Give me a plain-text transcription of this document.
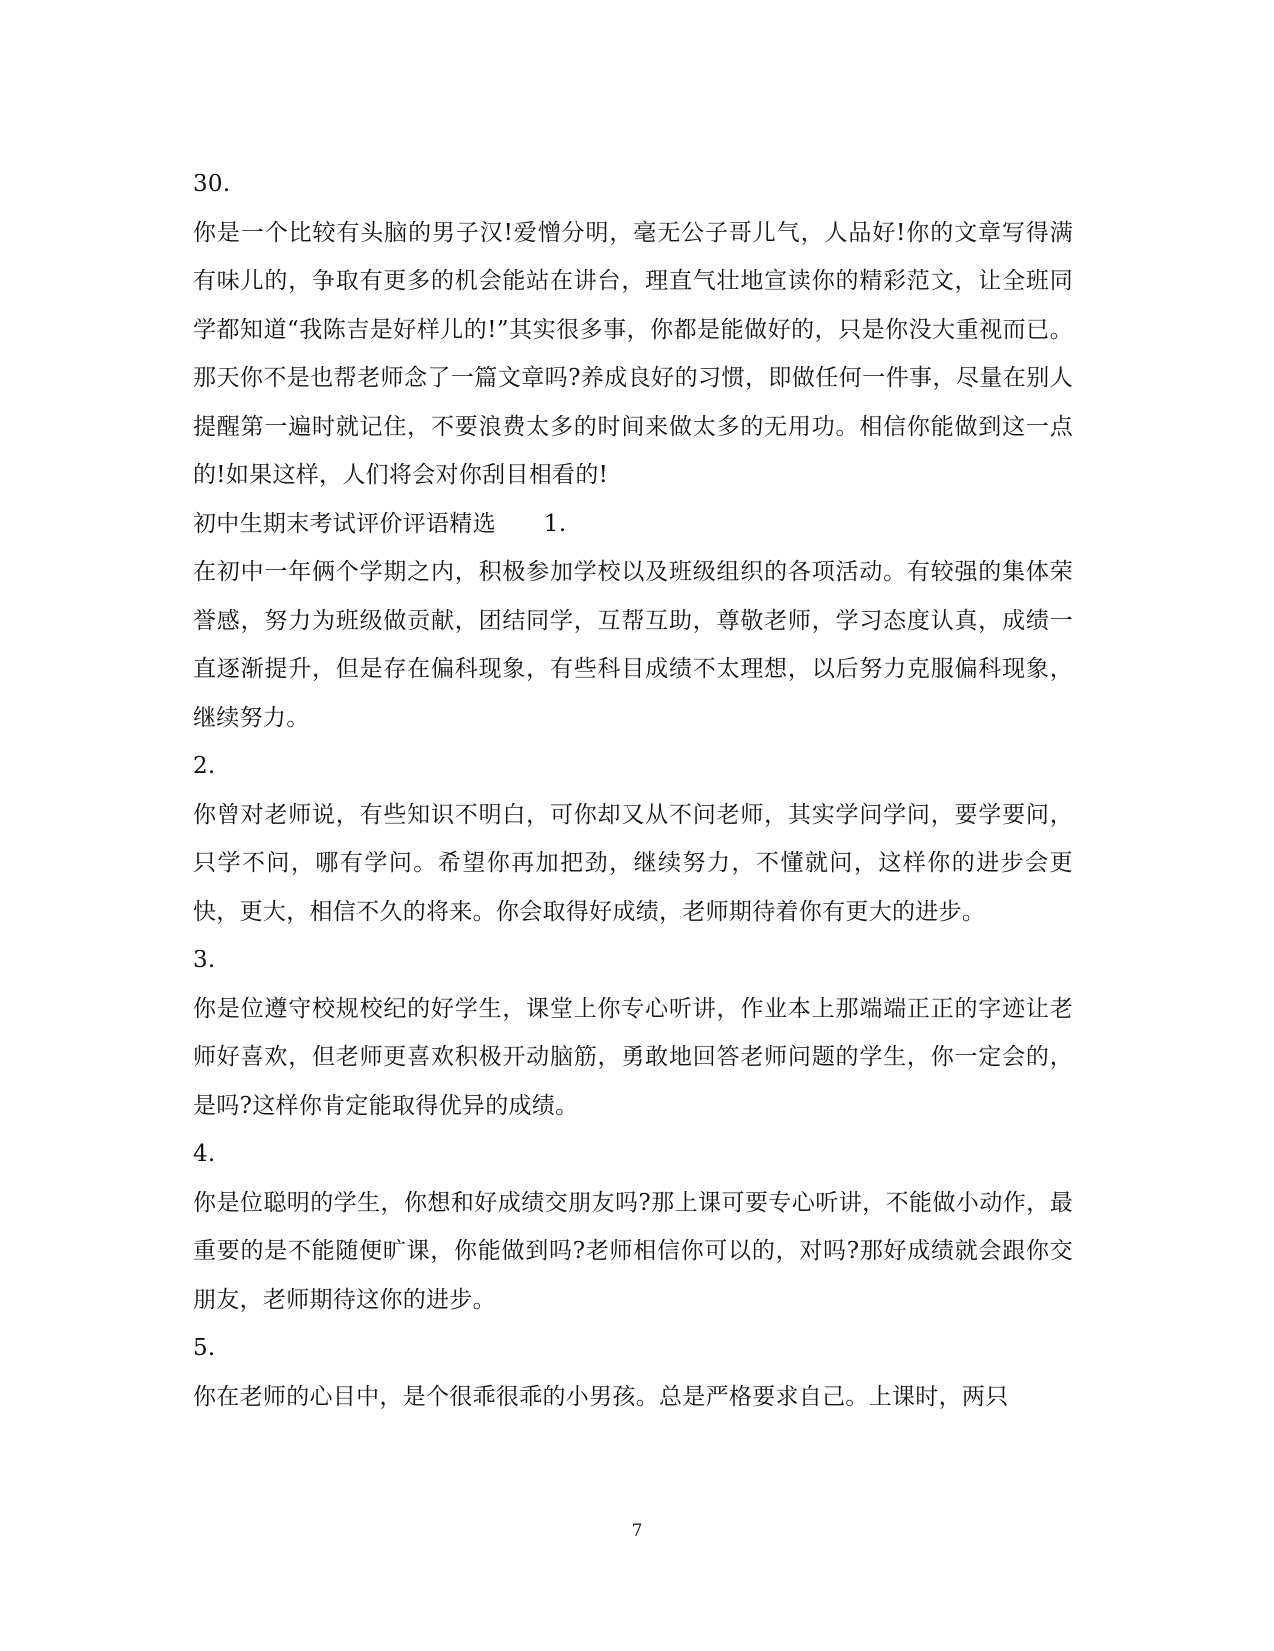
30.

你是一个比较有头脑的男子汉!爱憎分明，毫无公子哥儿气，人品好!你的文章写得满有味儿的，争取有更多的机会能站在讲台，理直气壮地宣读你的精彩范文，让全班同学都知道“我陈吉是好样儿的!”其实很多事，你都是能做好的，只是你没大重视而已。那天你不是也帮老师念了一篇文章吗?养成良好的习惯，即做任何一件事，尽量在别人提醒第一遍时就记住，不要浪费太多的时间来做太多的无用功。相信你能做到这一点的!如果这样，人们将会对你刮目相看的!

初中生期末考试评价评语精选 1.

在初中一年俩个学期之内，积极参加学校以及班级组织的各项活动。有较强的集体荣誉感，努力为班级做贡献，团结同学，互帮互助，尊敬老师，学习态度认真，成绩一直逐渐提升，但是存在偏科现象，有些科目成绩不太理想，以后努力克服偏科现象，继续努力。

2.

你曾对老师说，有些知识不明白，可你却又从不问老师，其实学问学问，要学要问，只学不问，哪有学问。希望你再加把劲，继续努力，不懂就问，这样你的进步会更快，更大，相信不久的将来。你会取得好成绩，老师期待着你有更大的进步。

3.

你是位遵守校规校纪的好学生，课堂上你专心听讲，作业本上那端端正正的字迹让老师好喜欢，但老师更喜欢积极开动脑筋，勇敢地回答老师问题的学生，你一定会的，是吗?这样你肯定能取得优异的成绩。

4.

你是位聪明的学生，你想和好成绩交朋友吗?那上课可要专心听讲，不能做小动作，最重要的是不能随便旷课，你能做到吗?老师相信你可以的，对吗?那好成绩就会跟你交朋友，老师期待这你的进步。

5.

你在老师的心目中，是个很乖很乖的小男孩。总是严格要求自己。上课时，两只

7
